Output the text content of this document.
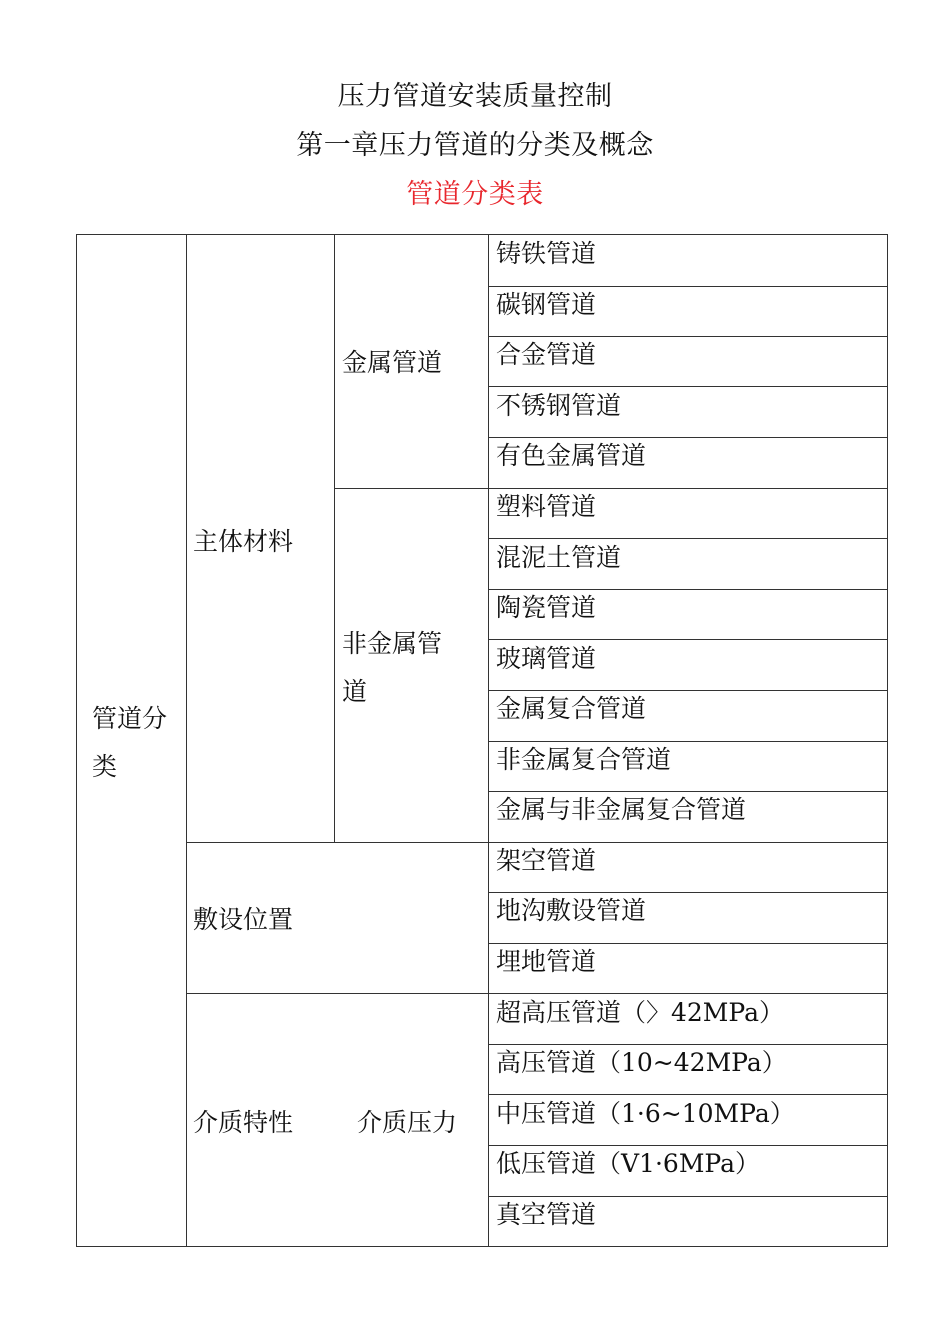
压力管道安装质量控制
第一章压力管道的分类及概念
管道分类表
管道分类
主体材料
敷设位置
介质特性	介质压力
金属管道
非金属管道
铸铁管道
碳钢管道
合金管道
不锈钢管道
有色金属管道
塑料管道
混泥土管道
陶瓷管道
玻璃管道
金属复合管道
非金属复合管道
金属与非金属复合管道
架空管道
地沟敷设管道
埋地管道
超高压管道（〉42MPa）
高压管道（10~42MPa）
中压管道（1·6~10MPa）
低压管道（V1·6MPa）
真空管道
